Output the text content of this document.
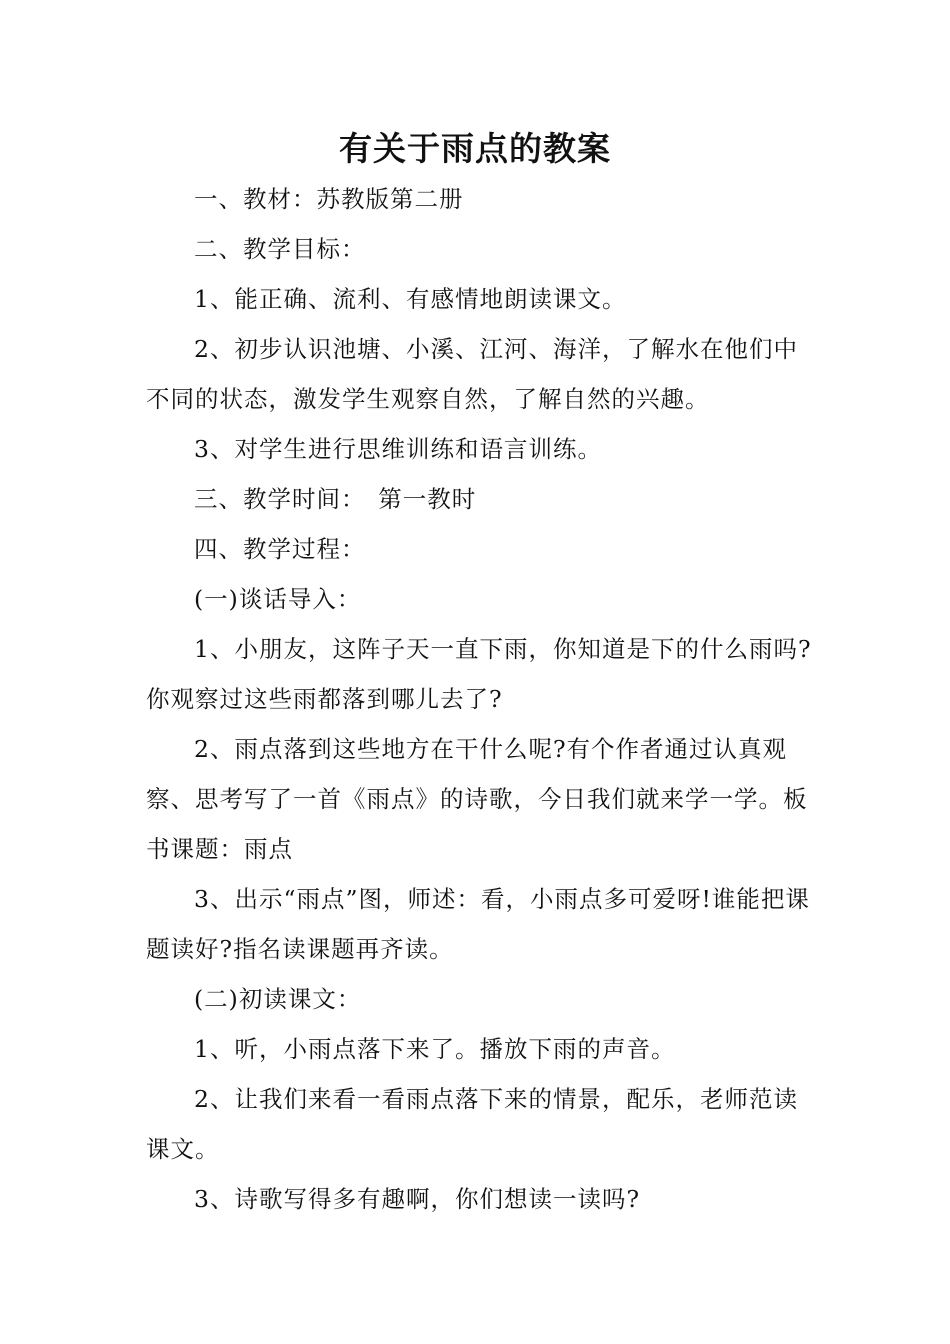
有关于雨点的教案

一、教材：苏教版第二册

二、教学目标：

1、能正确、流利、有感情地朗读课文。

2、初步认识池塘、小溪、江河、海洋，了解水在他们中不同的状态，激发学生观察自然，了解自然的兴趣。

3、对学生进行思维训练和语言训练。

三、教学时间：　第一教时

四、教学过程：

(一)谈话导入：

1、小朋友，这阵子天一直下雨，你知道是下的什么雨吗?你观察过这些雨都落到哪儿去了?

2、雨点落到这些地方在干什么呢?有个作者通过认真观察、思考写了一首《雨点》的诗歌，今日我们就来学一学。板书课题：雨点

3、出示“雨点”图，师述：看，小雨点多可爱呀!谁能把课题读好?指名读课题再齐读。

(二)初读课文：

1、听，小雨点落下来了。播放下雨的声音。

2、让我们来看一看雨点落下来的情景，配乐，老师范读课文。

3、诗歌写得多有趣啊，你们想读一读吗?
